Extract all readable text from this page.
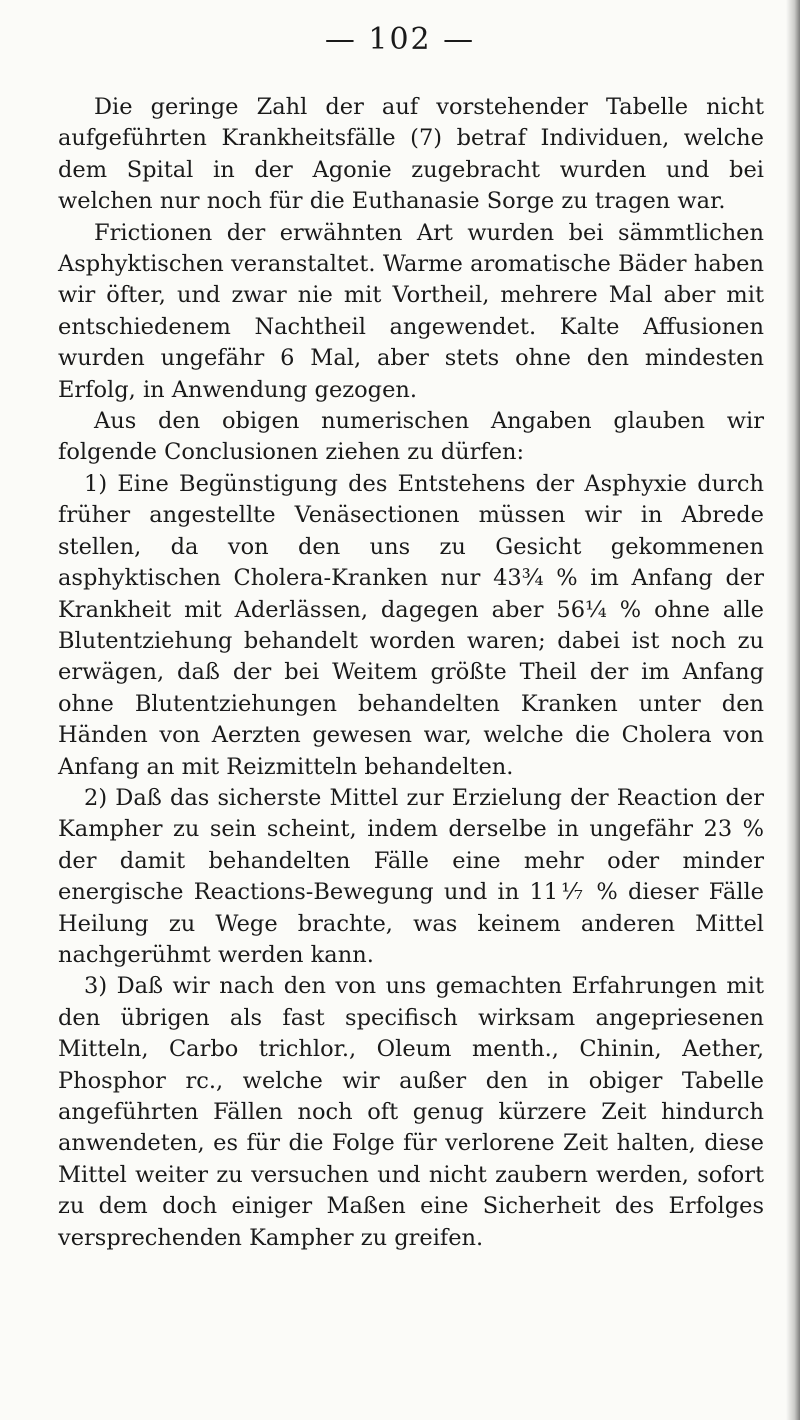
— 102 —

Die geringe Zahl der auf vorstehender Tabelle nicht aufgeführten Krankheitsfälle (7) betraf Individuen, welche dem Spital in der Agonie zugebracht wurden und bei welchen nur noch für die Euthanasie Sorge zu tragen war.

Frictionen der erwähnten Art wurden bei sämmtlichen Asphyktischen veranstaltet. Warme aromatische Bäder haben wir öfter, und zwar nie mit Vortheil, mehrere Mal aber mit entschiedenem Nachtheil angewendet. Kalte Affusionen wurden ungefähr 6 Mal, aber stets ohne den mindesten Erfolg, in Anwendung gezogen.

Aus den obigen numerischen Angaben glauben wir folgende Conclusionen ziehen zu dürfen:

1) Eine Begünstigung des Entstehens der Asphyxie durch früher angestellte Venäsectionen müssen wir in Abrede stellen, da von den uns zu Gesicht gekommenen asphyktischen Cholera-Kranken nur 43¾ % im Anfang der Krankheit mit Aderlässen, dagegen aber 56¼ % ohne alle Blutentziehung behandelt worden waren; dabei ist noch zu erwägen, daß der bei Weitem größte Theil der im Anfang ohne Blutentziehungen behandelten Kranken unter den Händen von Aerzten gewesen war, welche die Cholera von Anfang an mit Reizmitteln behandelten.

2) Daß das sicherste Mittel zur Erzielung der Reaction der Kampher zu sein scheint, indem derselbe in ungefähr 23 % der damit behandelten Fälle eine mehr oder minder energische Reactions-Bewegung und in 11⅐ % dieser Fälle Heilung zu Wege brachte, was keinem anderen Mittel nachgerühmt werden kann.

3) Daß wir nach den von uns gemachten Erfahrungen mit den übrigen als fast specifisch wirksam angepriesenen Mitteln, Carbo trichlor., Oleum menth., Chinin, Aether, Phosphor rc., welche wir außer den in obiger Tabelle angeführten Fällen noch oft genug kürzere Zeit hindurch anwendeten, es für die Folge für verlorene Zeit halten, diese Mittel weiter zu versuchen und nicht zaubern werden, sofort zu dem doch einiger Maßen eine Sicherheit des Erfolges versprechenden Kampher zu greifen.
